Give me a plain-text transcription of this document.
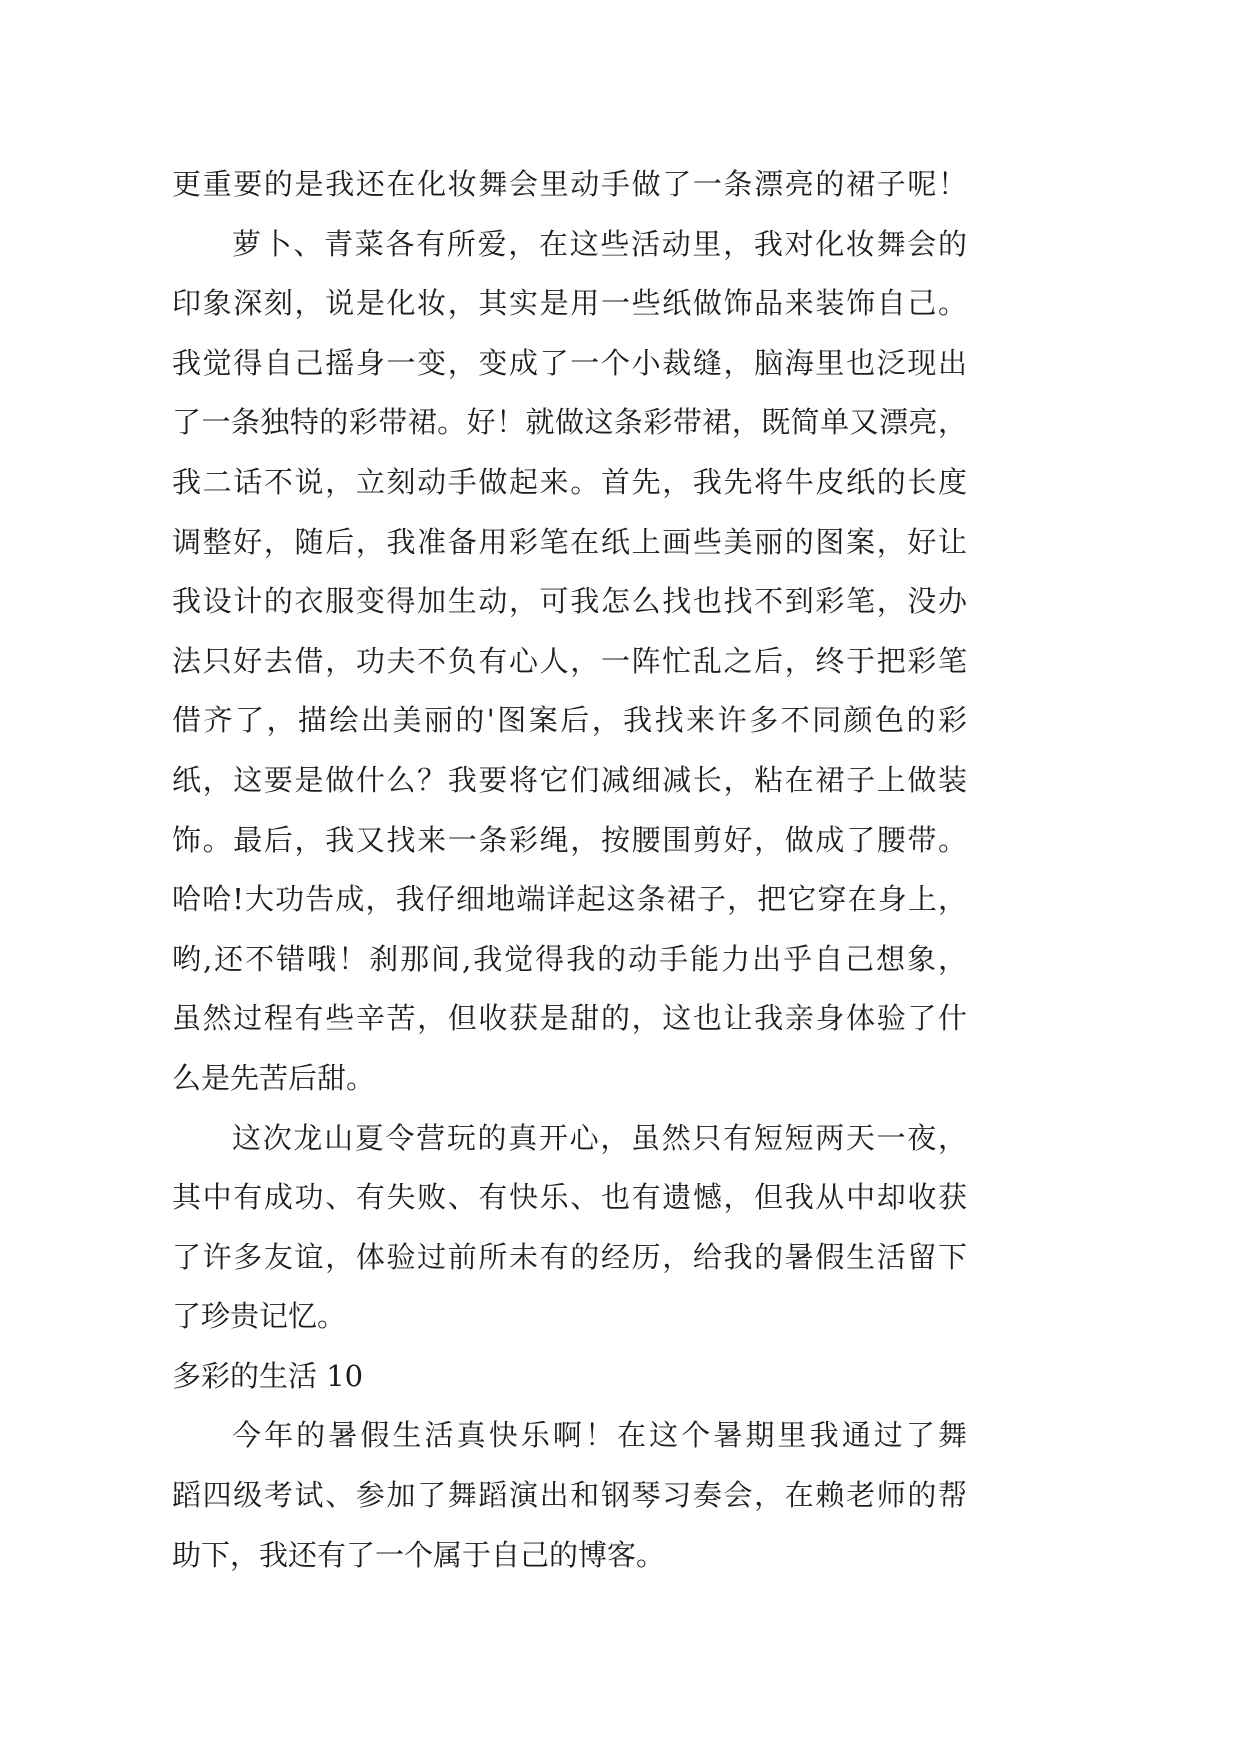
更重要的是我还在化妆舞会里动手做了一条漂亮的裙子呢！
萝卜、青菜各有所爱，在这些活动里，我对化妆舞会的
印象深刻，说是化妆，其实是用一些纸做饰品来装饰自己。
我觉得自己摇身一变，变成了一个小裁缝，脑海里也泛现出
了一条独特的彩带裙。好！就做这条彩带裙，既简单又漂亮，
我二话不说，立刻动手做起来。首先，我先将牛皮纸的长度
调整好，随后，我准备用彩笔在纸上画些美丽的图案，好让
我设计的衣服变得加生动，可我怎么找也找不到彩笔，没办
法只好去借，功夫不负有心人，一阵忙乱之后，终于把彩笔
借齐了，描绘出美丽的'图案后，我找来许多不同颜色的彩
纸，这要是做什么？我要将它们减细减长，粘在裙子上做装
饰。最后，我又找来一条彩绳，按腰围剪好，做成了腰带。
哈哈!大功告成，我仔细地端详起这条裙子，把它穿在身上，
哟,还不错哦！刹那间,我觉得我的动手能力出乎自己想象，
虽然过程有些辛苦，但收获是甜的，这也让我亲身体验了什
么是先苦后甜。
这次龙山夏令营玩的真开心，虽然只有短短两天一夜，
其中有成功、有失败、有快乐、也有遗憾，但我从中却收获
了许多友谊，体验过前所未有的经历，给我的暑假生活留下
了珍贵记忆。
多彩的生活 10
今年的暑假生活真快乐啊！在这个暑期里我通过了舞
蹈四级考试、参加了舞蹈演出和钢琴习奏会，在赖老师的帮
助下，我还有了一个属于自己的博客。
